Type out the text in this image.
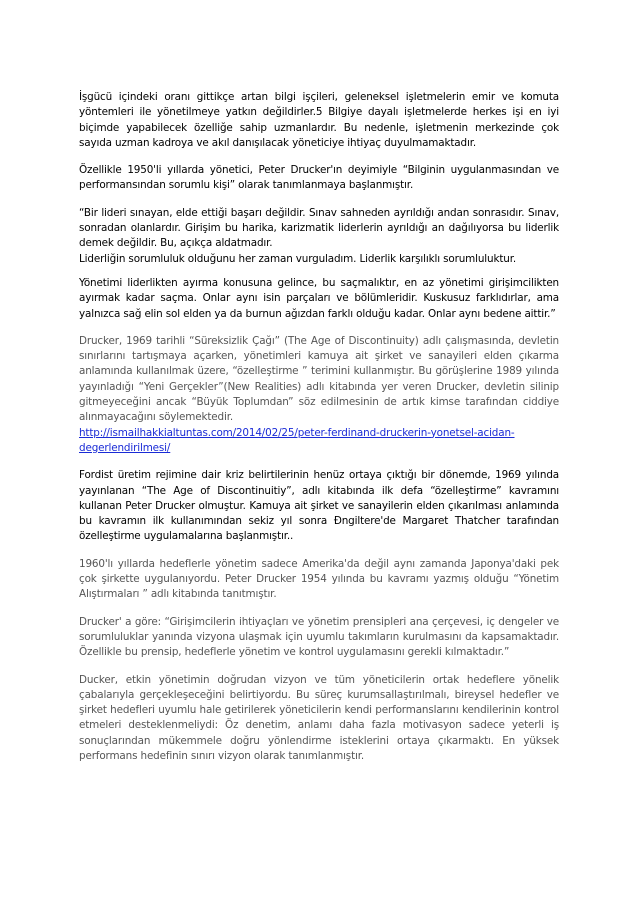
İşgücü içindeki oranı gittikçe artan bilgi işçileri, geleneksel işletmelerin emir ve komuta yöntemleri ile yönetilmeye yatkın değildirler.5 Bilgiye dayalı işletmelerde herkes işi en iyi biçimde yapabilecek özelliğe sahip uzmanlardır. Bu nedenle, işletmenin merkezinde çok sayıda uzman kadroya ve akıl danışılacak yöneticiye ihtiyaç duyulmamaktadır.

Özellikle 1950'li yıllarda yönetici, Peter Drucker'ın deyimiyle “Bilginin uygulanmasından ve performansından sorumlu kişi” olarak tanımlanmaya başlanmıştır.

“Bir lideri sınayan, elde ettiği başarı değildir. Sınav sahneden ayrıldığı andan sonrasıdır. Sınav, sonradan olanlardır. Girişim bu harika, karizmatik liderlerin ayrıldığı an dağılıyorsa bu liderlik demek değildir. Bu, açıkça aldatmadır.

Liderliğin sorumluluk olduğunu her zaman vurguladım. Liderlik karşılıklı sorumluluktur.

Yönetimi liderlikten ayırma konusuna gelince, bu saçmalıktır, en az yönetimi girişimcilikten ayırmak kadar saçma. Onlar aynı isin parçaları ve bölümleridir. Kuskusuz farklıdırlar, ama yalnızca sağ elin sol elden ya da burnun ağızdan farklı olduğu kadar. Onlar aynı bedene aittir.”

Drucker, 1969 tarihli “Süreksizlik Çağı” (The Age of Discontinuity) adlı çalışmasında, devletin sınırlarını tartışmaya açarken, yönetimleri kamuya ait şirket ve sanayileri elden çıkarma anlamında kullanılmak üzere, “özelleştirme ” terimini kullanmıştır. Bu görüşlerine 1989 yılında yayınladığı “Yeni Gerçekler”(New Realities) adlı kitabında yer veren Drucker, devletin silinip gitmeyeceğini ancak “Büyük Toplumdan” söz edilmesinin de artık kimse tarafından ciddiye alınmayacağını söylemektedir.

http://ismailhakkialtuntas.com/2014/02/25/peter-ferdinand-druckerin-yonetsel-acidan-degerlendirilmesi/

Fordist üretim rejimine dair kriz belirtilerinin henüz ortaya çıktığı bir dönemde, 1969 yılında yayınlanan “The Age of Discontinuitiy”, adlı kitabında ilk defa “özelleştirme” kavramını kullanan Peter Drucker olmuştur. Kamuya ait şirket ve sanayilerin elden çıkarılması anlamında bu kavramın ilk kullanımından sekiz yıl sonra Đngiltere'de Margaret Thatcher tarafından özelleştirme uygulamalarına başlanmıştır..

1960'lı yıllarda hedeflerle yönetim sadece Amerika'da değil aynı zamanda Japonya'daki pek çok şirkette uygulanıyordu. Peter Drucker 1954 yılında bu kavramı yazmış olduğu “Yönetim Alıştırmaları ” adlı kitabında tanıtmıştır.

Drucker' a göre: “Girişimcilerin ihtiyaçları ve yönetim prensipleri ana çerçevesi, iç dengeler ve sorumluluklar yanında vizyona ulaşmak için uyumlu takımların kurulmasını da kapsamaktadır. Özellikle bu prensip, hedeflerle yönetim ve kontrol uygulamasını gerekli kılmaktadır.”

Ducker, etkin yönetimin doğrudan vizyon ve tüm yöneticilerin ortak hedeflere yönelik çabalarıyla gerçekleşeceğini belirtiyordu. Bu süreç kurumsallaştırılmalı, bireysel hedefler ve şirket hedefleri uyumlu hale getirilerek yöneticilerin kendi performanslarını kendilerinin kontrol etmeleri desteklenmeliydi: Öz denetim, anlamı daha fazla motivasyon sadece yeterli iş sonuçlarından mükemmele doğru yönlendirme isteklerini ortaya çıkarmaktı. En yüksek performans hedefinin sınırı vizyon olarak tanımlanmıştır.
